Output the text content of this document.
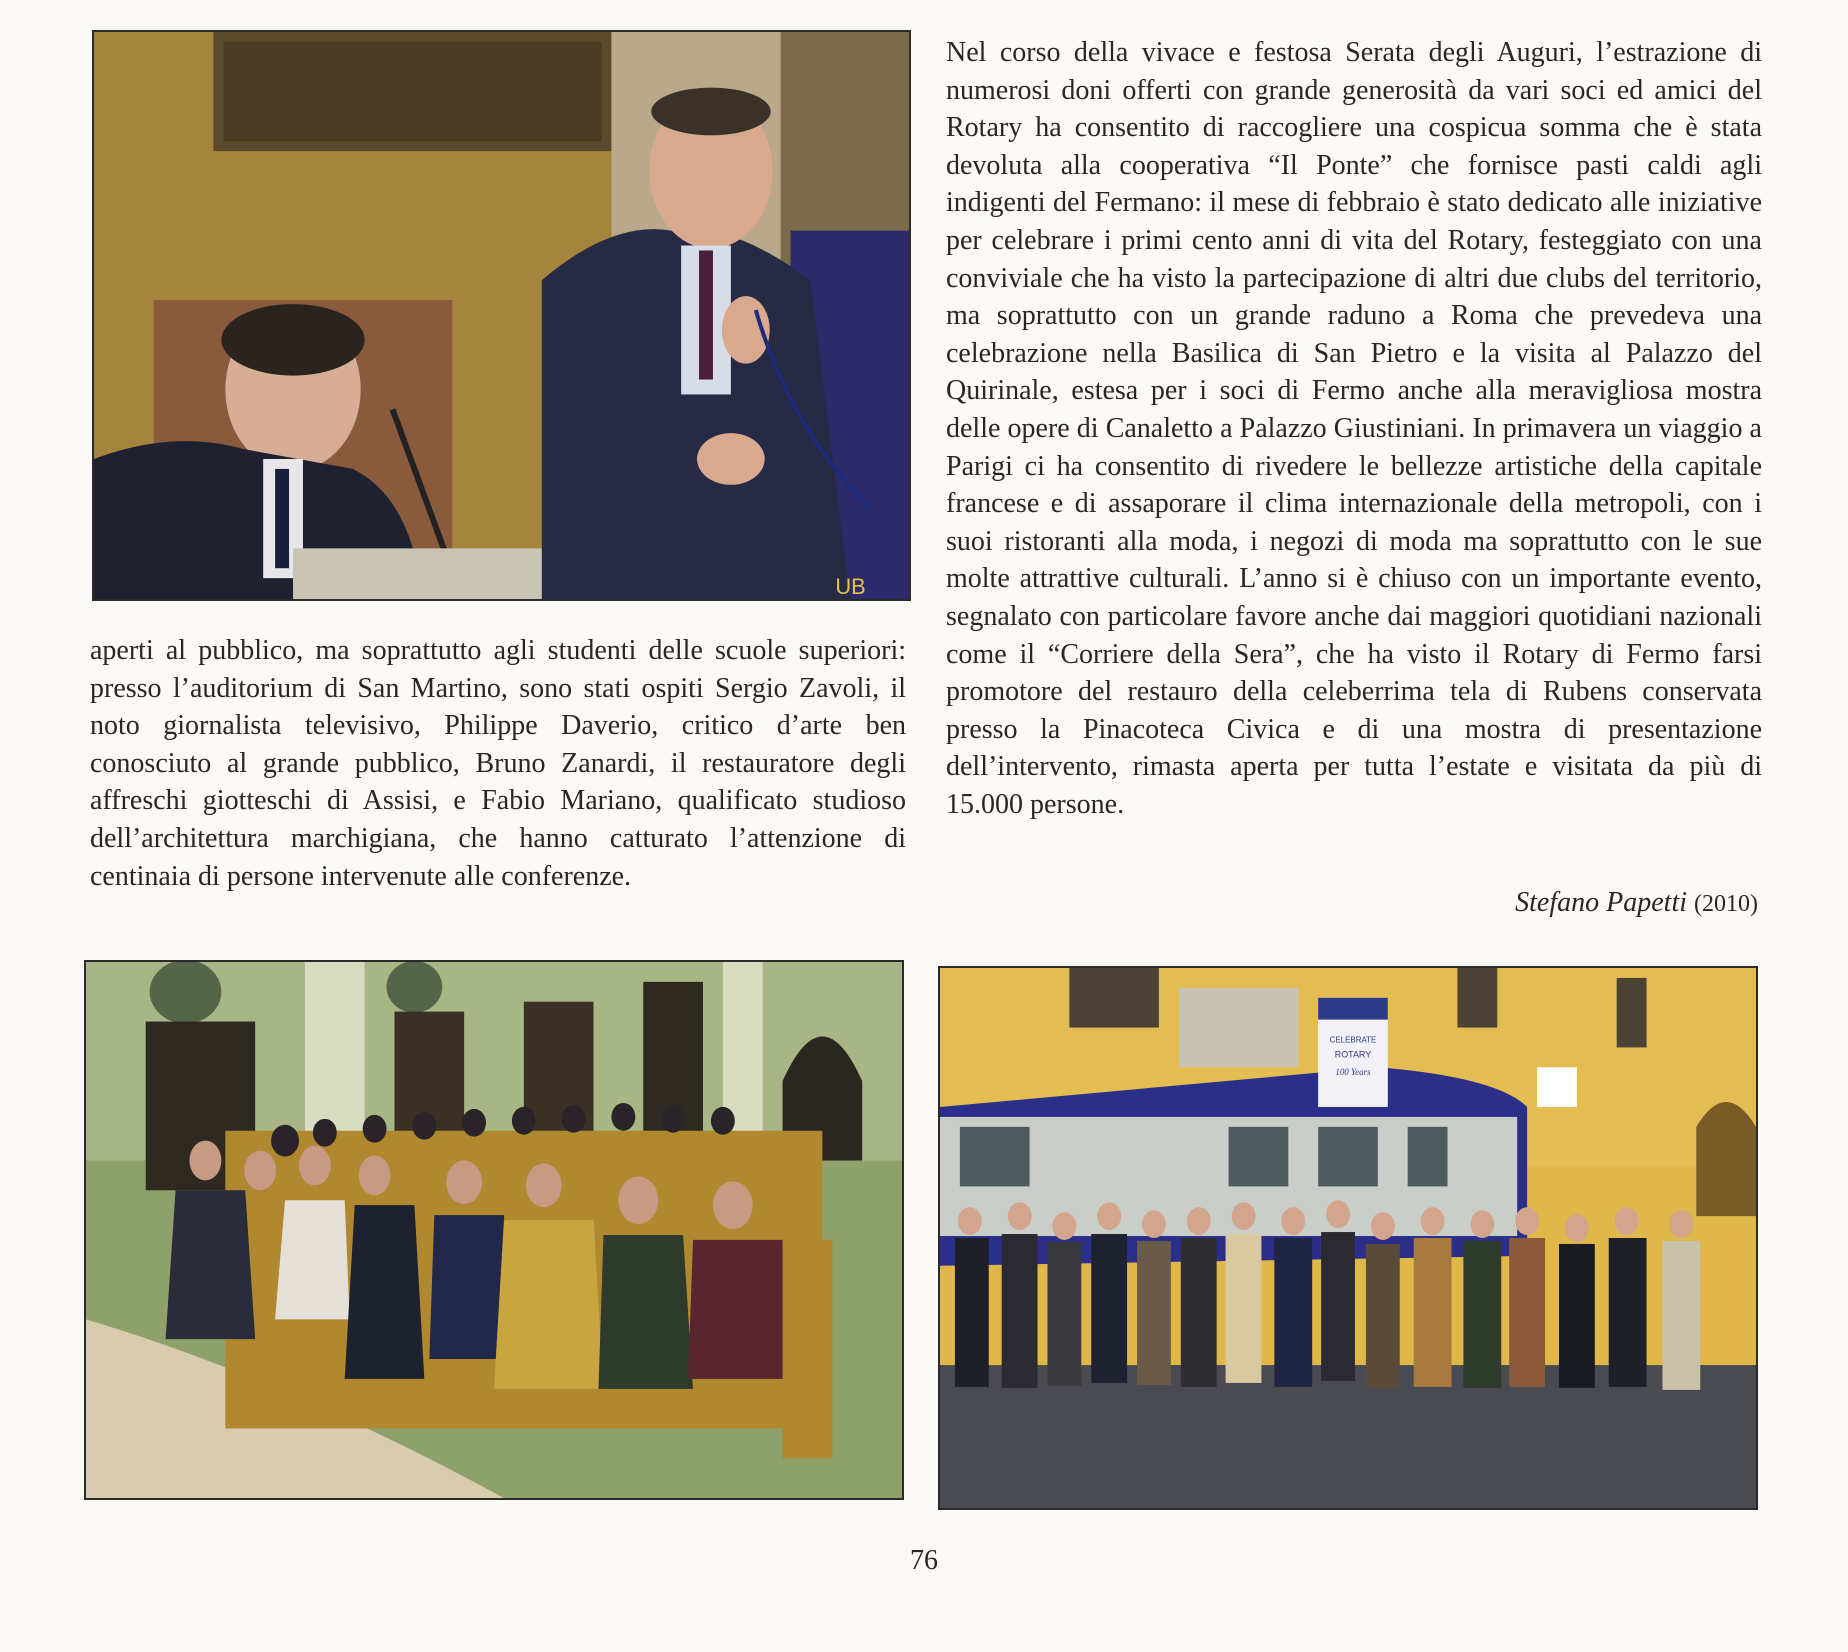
UB

aperti al pubblico, ma soprattutto agli studenti delle scuole superiori: presso l’auditorium di San Martino, sono stati ospiti Sergio Zavoli, il noto giornalista televisivo, Philippe Daverio, critico d’arte ben conosciuto al grande pubblico, Bruno Zanardi, il restauratore degli affreschi giotteschi di Assisi, e Fabio Mariano, qualificato studioso dell’architettura marchigiana, che hanno catturato l’attenzione di centinaia di persone intervenute alle conferenze.

Nel corso della vivace e festosa Serata degli Auguri, l’estrazione di numerosi doni offerti con grande generosità da vari soci ed amici del Rotary ha consentito di raccogliere una cospicua somma che è stata devoluta alla cooperativa “Il Ponte” che fornisce pasti caldi agli indigenti del Fermano: il mese di febbraio è stato dedicato alle iniziative per celebrare i primi cento anni di vita del Rotary, festeggiato con una conviviale che ha visto la partecipazione di altri due clubs del territorio, ma soprattutto con un grande raduno a Roma che prevedeva una celebrazione nella Basilica di San Pietro e la visita al Palazzo del Quirinale, estesa per i soci di Fermo anche alla meravigliosa mostra delle opere di Canaletto a Palazzo Giustiniani. In primavera un viaggio a Parigi ci ha consentito di rivedere le bellezze artistiche della capitale francese e di assaporare il clima internazionale della metropoli, con i suoi ristoranti alla moda, i negozi di moda ma soprattutto con le sue molte attrattive culturali. L’anno si è chiuso con un importante evento, segnalato con particolare favore anche dai maggiori quotidiani nazionali come il “Corriere della Sera”, che ha visto il Rotary di Fermo farsi promotore del restauro della celeberrima tela di Rubens conservata presso la Pinacoteca Civica e di una mostra di presentazione dell’intervento, rimasta aperta per tutta l’estate e visitata da più di 15.000 persone.

Stefano Papetti (2010)
CELEBRATE
ROTARY
100 Years
76
